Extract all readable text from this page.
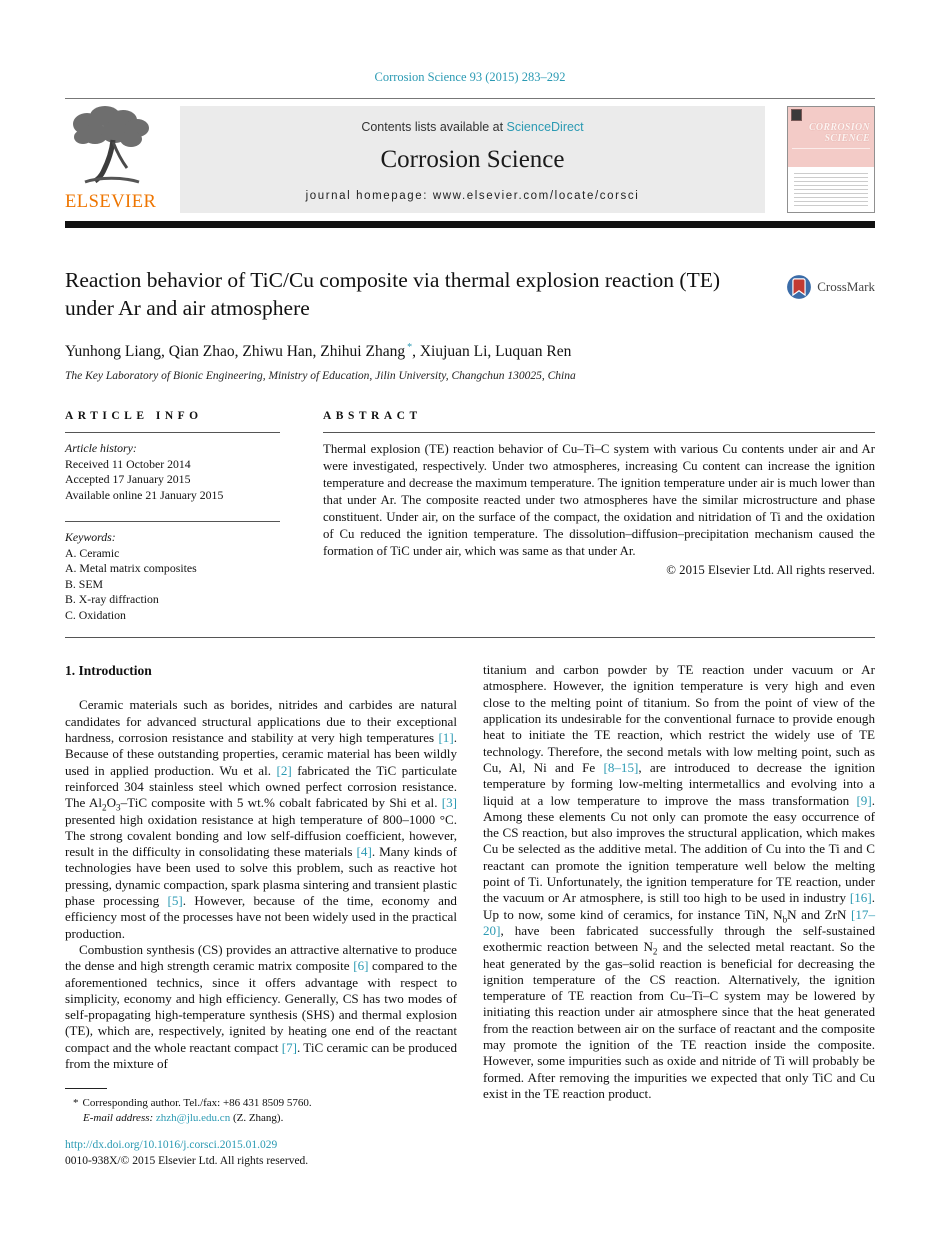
Corrosion Science 93 (2015) 283–292
ELSEVIER
Contents lists available at ScienceDirect
Corrosion Science
journal homepage: www.elsevier.com/locate/corsci
CORROSION
SCIENCE
Reaction behavior of TiC/Cu composite via thermal explosion reaction (TE) under Ar and air atmosphere
CrossMark
Yunhong Liang, Qian Zhao, Zhiwu Han, Zhihui Zhang *, Xiujuan Li, Luquan Ren
The Key Laboratory of Bionic Engineering, Ministry of Education, Jilin University, Changchun 130025, China
ARTICLE INFO
Article history:
Received 11 October 2014
Accepted 17 January 2015
Available online 21 January 2015
Keywords:
A. Ceramic
A. Metal matrix composites
B. SEM
B. X-ray diffraction
C. Oxidation
ABSTRACT

Thermal explosion (TE) reaction behavior of Cu–Ti–C system with various Cu contents under air and Ar were investigated, respectively. Under two atmospheres, increasing Cu content can increase the ignition temperature and decrease the maximum temperature. The ignition temperature under air is much lower than that under Ar. The composite reacted under two atmospheres have the similar microstructure and phase constituent. Under air, on the surface of the compact, the oxidation and nitridation of Ti and the oxidation of Cu reduced the ignition temperature. The dissolution–diffusion–precipitation mechanism caused the formation of TiC under air, which was same as that under Ar.

© 2015 Elsevier Ltd. All rights reserved.
1. Introduction

Ceramic materials such as borides, nitrides and carbides are natural candidates for advanced structural applications due to their exceptional hardness, corrosion resistance and stability at very high temperatures [1]. Because of these outstanding properties, ceramic material has been wildly used in applied production. Wu et al. [2] fabricated the TiC particulate reinforced 304 stainless steel which owned perfect corrosion resistance. The $Al_2O_3$–TiC composite with 5 wt.% cobalt fabricated by Shi et al. [3] presented high oxidation resistance at high temperature of 800–1000 °C. The strong covalent bonding and low self-diffusion coefficient, however, result in the difficulty in consolidating these materials [4]. Many kinds of technologies have been used to solve this problem, such as reactive hot pressing, dynamic compaction, spark plasma sintering and transient plastic phase processing [5]. However, because of the time, economy and efficiency most of the processes have not been widely used in the practical production.

Combustion synthesis (CS) provides an attractive alternative to produce the dense and high strength ceramic matrix composite [6] compared to the aforementioned technics, since it offers advantage with respect to simplicity, economy and high efficiency. Generally, CS has two modes of self-propagating high-temperature synthesis (SHS) and thermal explosion (TE), which are, respectively, ignited by heating one end of the reactant compact and the whole reactant compact [7]. TiC ceramic can be produced from the mixture of

* Corresponding author. Tel./fax: +86 431 8509 5760.
E-mail address: zhzh@jlu.edu.cn (Z. Zhang).
http://dx.doi.org/10.1016/j.corsci.2015.01.029
0010-938X/© 2015 Elsevier Ltd. All rights reserved.

titanium and carbon powder by TE reaction under vacuum or Ar atmosphere. However, the ignition temperature is very high and even close to the melting point of titanium. So from the point of view of the application its undesirable for the conventional furnace to provide enough heat to initiate the TE reaction, which restrict the widely use of TE technology. Therefore, the second metals with low melting point, such as Cu, Al, Ni and Fe [8–15], are introduced to decrease the ignition temperature by forming low-melting intermetallics and evolving into a liquid at a low temperature to improve the mass transformation [9]. Among these elements Cu not only can promote the easy occurrence of the CS reaction, but also improves the structural application, which makes Cu be selected as the additive metal. The addition of Cu into the Ti and C reactant can promote the ignition temperature well below the melting point of Ti. Unfortunately, the ignition temperature for TE reaction, under the vacuum or Ar atmosphere, is still too high to be used in industry [16]. Up to now, some kind of ceramics, for instance TiN, $N_bN$ and ZrN [17–20], have been fabricated successfully through the self-sustained exothermic reaction between $N_2$ and the selected metal reactant. So the heat generated by the gas–solid reaction is beneficial for decreasing the ignition temperature of the CS reaction. Alternatively, the ignition temperature of TE reaction from Cu–Ti–C system may be lowered by initiating this reaction under air atmosphere since that the heat generated from the reaction between air on the surface of reactant and the composite may promote the ignition of the TE reaction inside the composite. However, some impurities such as oxide and nitride of Ti will probably be formed. After removing the impurities we expected that only TiC and Cu exist in the TE reaction product.
